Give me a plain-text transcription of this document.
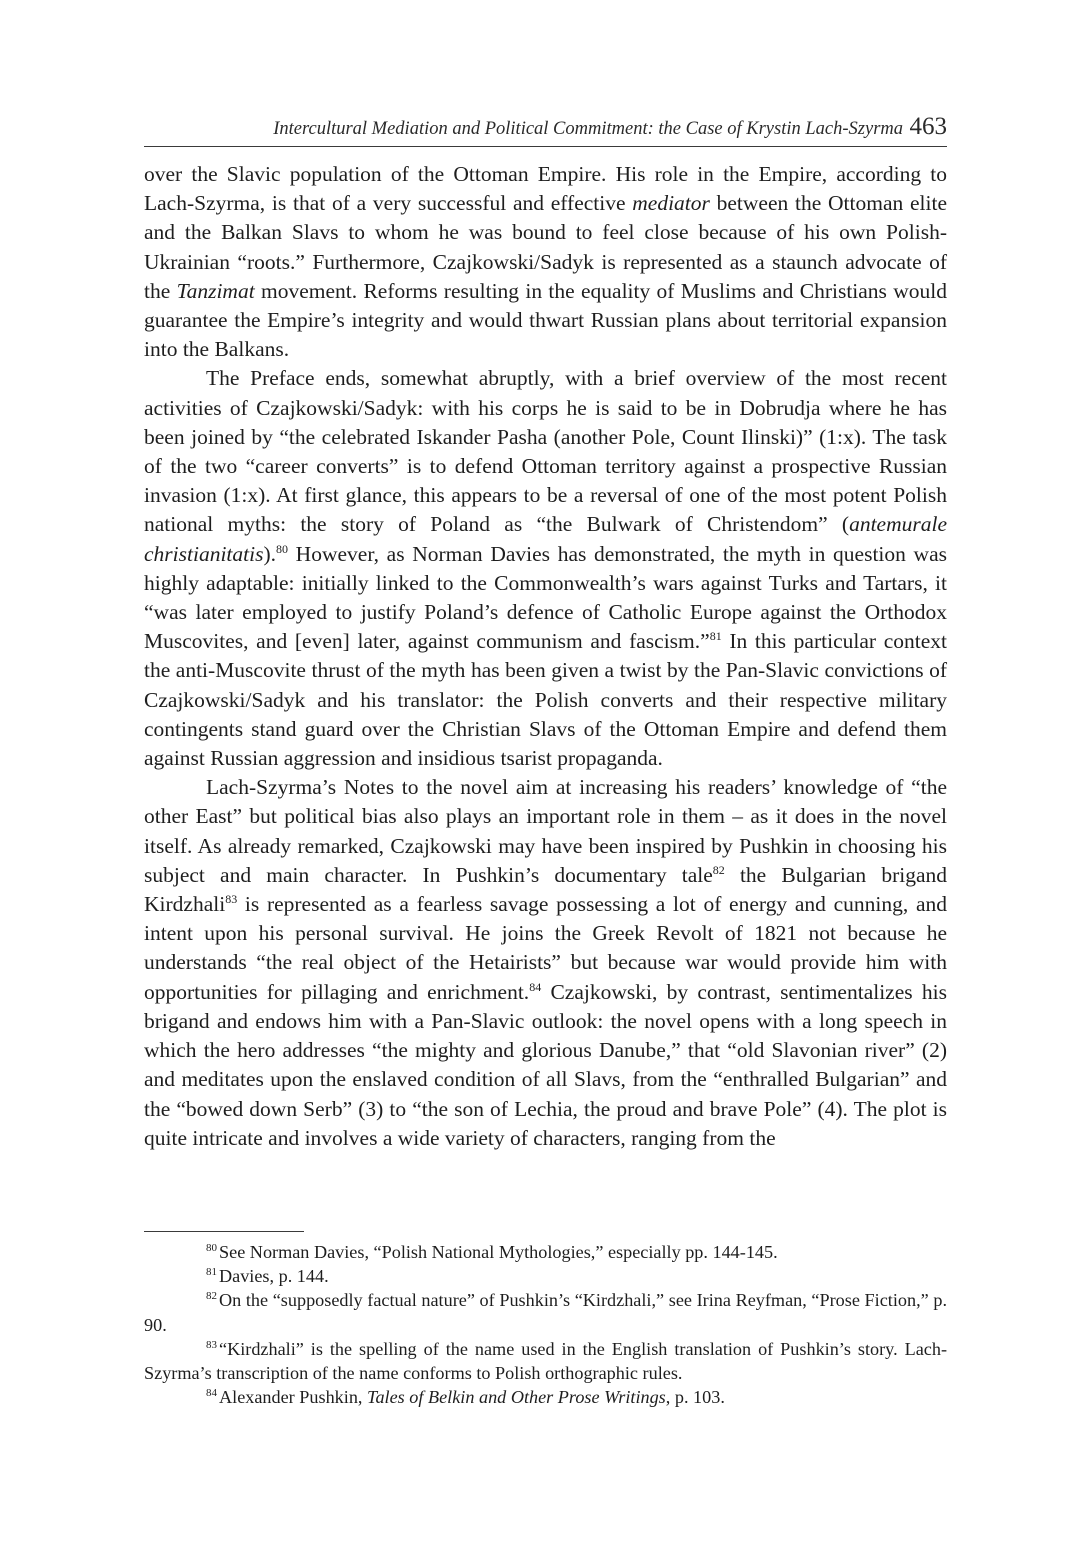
Intercultural Mediation and Political Commitment: the Case of Krystin Lach-Szyrma 463

over the Slavic population of the Ottoman Empire. His role in the Empire, according to Lach-Szyrma, is that of a very successful and effective mediator between the Ottoman elite and the Balkan Slavs to whom he was bound to feel close because of his own Polish-Ukrainian “roots.” Furthermore, Czajkowski/Sadyk is represented as a staunch advocate of the Tanzimat movement. Reforms resulting in the equality of Muslims and Christians would guarantee the Empire’s integrity and would thwart Russian plans about territorial expansion into the Balkans.

The Preface ends, somewhat abruptly, with a brief overview of the most recent activities of Czajkowski/Sadyk: with his corps he is said to be in Dobrudja where he has been joined by “the celebrated Iskander Pasha (another Pole, Count Ilinski)” (1:x). The task of the two “career converts” is to defend Ottoman territory against a prospective Russian invasion (1:x). At first glance, this appears to be a reversal of one of the most potent Polish national myths: the story of Poland as “the Bulwark of Christendom” (antemurale christianitatis).$^{80}$ However, as Norman Davies has demonstrated, the myth in question was highly adaptable: initially linked to the Commonwealth’s wars against Turks and Tartars, it “was later employed to justify Poland’s defence of Catholic Europe against the Orthodox Muscovites, and [even] later, against communism and fascism.”$^{81}$ In this particular context the anti-Muscovite thrust of the myth has been given a twist by the Pan-Slavic convictions of Czajkowski/Sadyk and his translator: the Polish converts and their respective military contingents stand guard over the Christian Slavs of the Ottoman Empire and defend them against Russian aggression and insidious tsarist propaganda.

Lach-Szyrma’s Notes to the novel aim at increasing his readers’ knowledge of “the other East” but political bias also plays an important role in them – as it does in the novel itself. As already remarked, Czajkowski may have been inspired by Pushkin in choosing his subject and main character. In Pushkin’s documentary tale$^{82}$ the Bulgarian brigand Kirdzhali$^{83}$ is represented as a fearless savage possessing a lot of energy and cunning, and intent upon his personal survival. He joins the Greek Revolt of 1821 not because he understands “the real object of the Hetairists” but because war would provide him with opportunities for pillaging and enrichment.$^{84}$ Czajkowski, by contrast, sentimentalizes his brigand and endows him with a Pan-Slavic outlook: the novel opens with a long speech in which the hero addresses “the mighty and glorious Danube,” that “old Slavonian river” (2) and meditates upon the enslaved condition of all Slavs, from the “enthralled Bulgarian” and the “bowed down Serb” (3) to “the son of Lechia, the proud and brave Pole” (4). The plot is quite intricate and involves a wide variety of characters, ranging from the

$^{80}$ See Norman Davies, “Polish National Mythologies,” especially pp. 144-145.

$^{81}$ Davies, p. 144.

$^{82}$ On the “supposedly factual nature” of Pushkin’s “Kirdzhali,” see Irina Reyfman, “Prose Fiction,” p. 90.

$^{83}$ “Kirdzhali” is the spelling of the name used in the English translation of Pushkin’s story. Lach-Szyrma’s transcription of the name conforms to Polish orthographic rules.

$^{84}$ Alexander Pushkin, Tales of Belkin and Other Prose Writings, p. 103.
